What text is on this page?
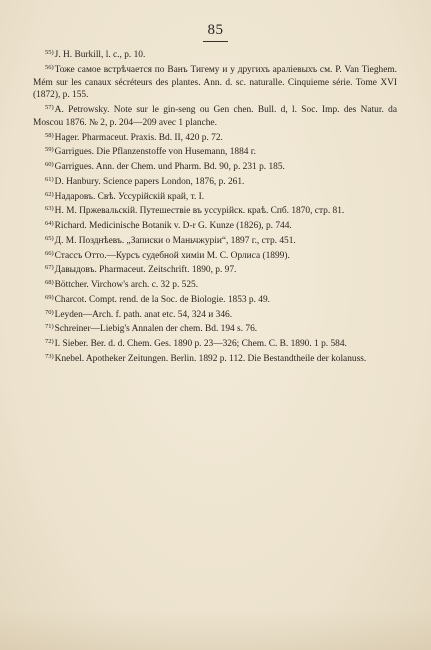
85

$^{55)}$J. H. Burkill, l. c., p. 10.

$^{56)}$Тоже самое встрѣчается по Ванъ Тигему и у другихъ араліевыхъ см. P. Van Tieghem. Mém sur les canaux sécréteurs des plantes. Ann. d. sc. naturalle. Cinquieme série. Tome XVI (1872), p. 155.

$^{57)}$A. Petrowsky. Note sur le gin-seng ou Gen chen. Bull. d, l. Soc. Imp. des Natur. da Moscou 1876. № 2, p. 204—209 avec 1 planche.

$^{58)}$Hager. Pharmaceut. Praxis. Bd. II, 420 p. 72.

$^{59)}$Garrigues. Die Pflanzenstoffe von Husemann, 1884 г.

$^{60)}$Garrigues. Ann. der Chem. und Pharm. Bd. 90, p. 231 p. 185.

$^{61)}$D. Hanbury. Science papers London, 1876, p. 261.

$^{62)}$Надаровъ. Свѣ. Уссурійскій край, т. I.

$^{63)}$Н. М. Пржевальскій. Путешествіе въ уссурійск. краѣ. Спб. 1870, стр. 81.

$^{64)}$Richard. Medicinische Botanik v. D-r G. Kunze (1826), p. 744.

$^{65)}$Д. М. Позднѣевъ. „Записки о Маньчжуріи“, 1897 г., стр. 451.

$^{66)}$Стассъ Отто.—Курсъ судебной химіи М. С. Орлиса (1899).

$^{67)}$Давыдовъ. Pharmaceut. Zeitschrift. 1890, p. 97.

$^{68)}$Böttcher. Virchow's arch. c. 32 p. 525.

$^{69)}$Charcot. Compt. rend. de la Soc. de Biologie. 1853 p. 49.

$^{70)}$Leyden—Arch. f. path. anat etc. 54, 324 и 346.

$^{71)}$Schreiner—Liebig's Annalen der chem. Bd. 194 s. 76.

$^{72)}$I. Sieber. Ber. d. d. Chem. Ges. 1890 p. 23—326; Chem. C. B. 1890. 1 p. 584.

$^{73)}$Knebel. Apotheker Zeitungen. Berlin. 1892 p. 112. Die Bestandtheile der kolanuss.
